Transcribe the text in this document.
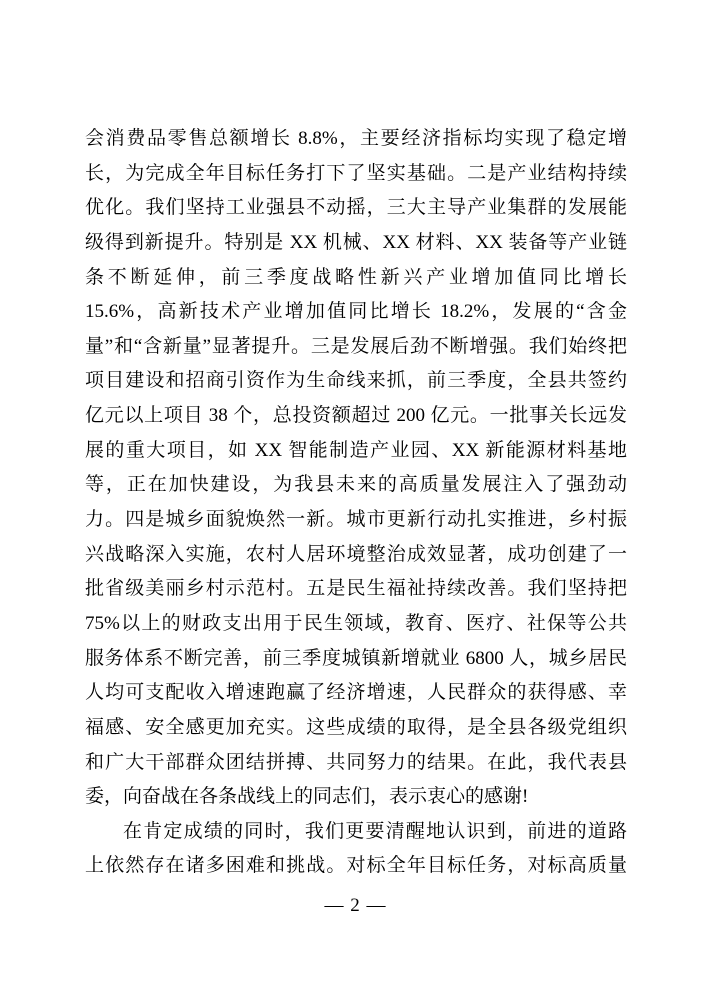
会消费品零售总额增长 8.8%，主要经济指标均实现了稳定增
长，为完成全年目标任务打下了坚实基础。二是产业结构持续
优化。我们坚持工业强县不动摇，三大主导产业集群的发展能
级得到新提升。特别是 XX 机械、XX 材料、XX 装备等产业链
条不断延伸，前三季度战略性新兴产业增加值同比增长
15.6%，高新技术产业增加值同比增长 18.2%，发展的“含金
量”和“含新量”显著提升。三是发展后劲不断增强。我们始终把
项目建设和招商引资作为生命线来抓，前三季度，全县共签约
亿元以上项目 38 个，总投资额超过 200 亿元。一批事关长远发
展的重大项目，如 XX 智能制造产业园、XX 新能源材料基地
等，正在加快建设，为我县未来的高质量发展注入了强劲动
力。四是城乡面貌焕然一新。城市更新行动扎实推进，乡村振
兴战略深入实施，农村人居环境整治成效显著，成功创建了一
批省级美丽乡村示范村。五是民生福祉持续改善。我们坚持把
75%以上的财政支出用于民生领域，教育、医疗、社保等公共
服务体系不断完善，前三季度城镇新增就业 6800 人，城乡居民
人均可支配收入增速跑赢了经济增速，人民群众的获得感、幸
福感、安全感更加充实。这些成绩的取得，是全县各级党组织
和广大干部群众团结拼搏、共同努力的结果。在此，我代表县
委，向奋战在各条战线上的同志们，表示衷心的感谢!
在肯定成绩的同时，我们更要清醒地认识到，前进的道路
上依然存在诸多困难和挑战。对标全年目标任务，对标高质量
— 2 —
